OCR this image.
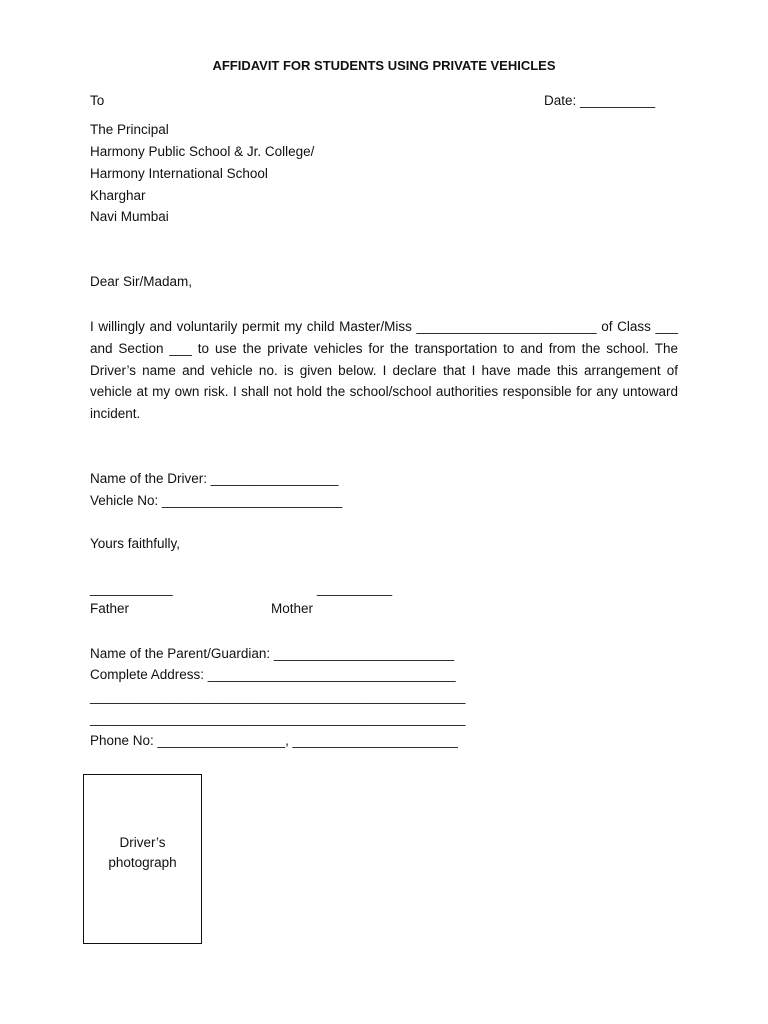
AFFIDAVIT FOR STUDENTS USING PRIVATE VEHICLES
To	Date: __________
The Principal
Harmony Public School & Jr. College/
Harmony International School
Kharghar
Navi Mumbai
Dear Sir/Madam,
I willingly and voluntarily permit my child Master/Miss ________________________ of Class ___ and Section ___ to use the private vehicles for the transportation to and from the school. The Driver’s name and vehicle no. is given below. I declare that I have made this arrangement of vehicle at my own risk. I shall not hold the school/school authorities responsible for any untoward incident.
Name of the Driver: _________________
Vehicle No: ________________________
Yours faithfully,
___________	__________
Father	Mother
Name of the Parent/Guardian: ________________________
Complete Address: _________________________________
__________________________________________________
__________________________________________________
Phone No: _________________, ______________________
Driver’s
photograph
